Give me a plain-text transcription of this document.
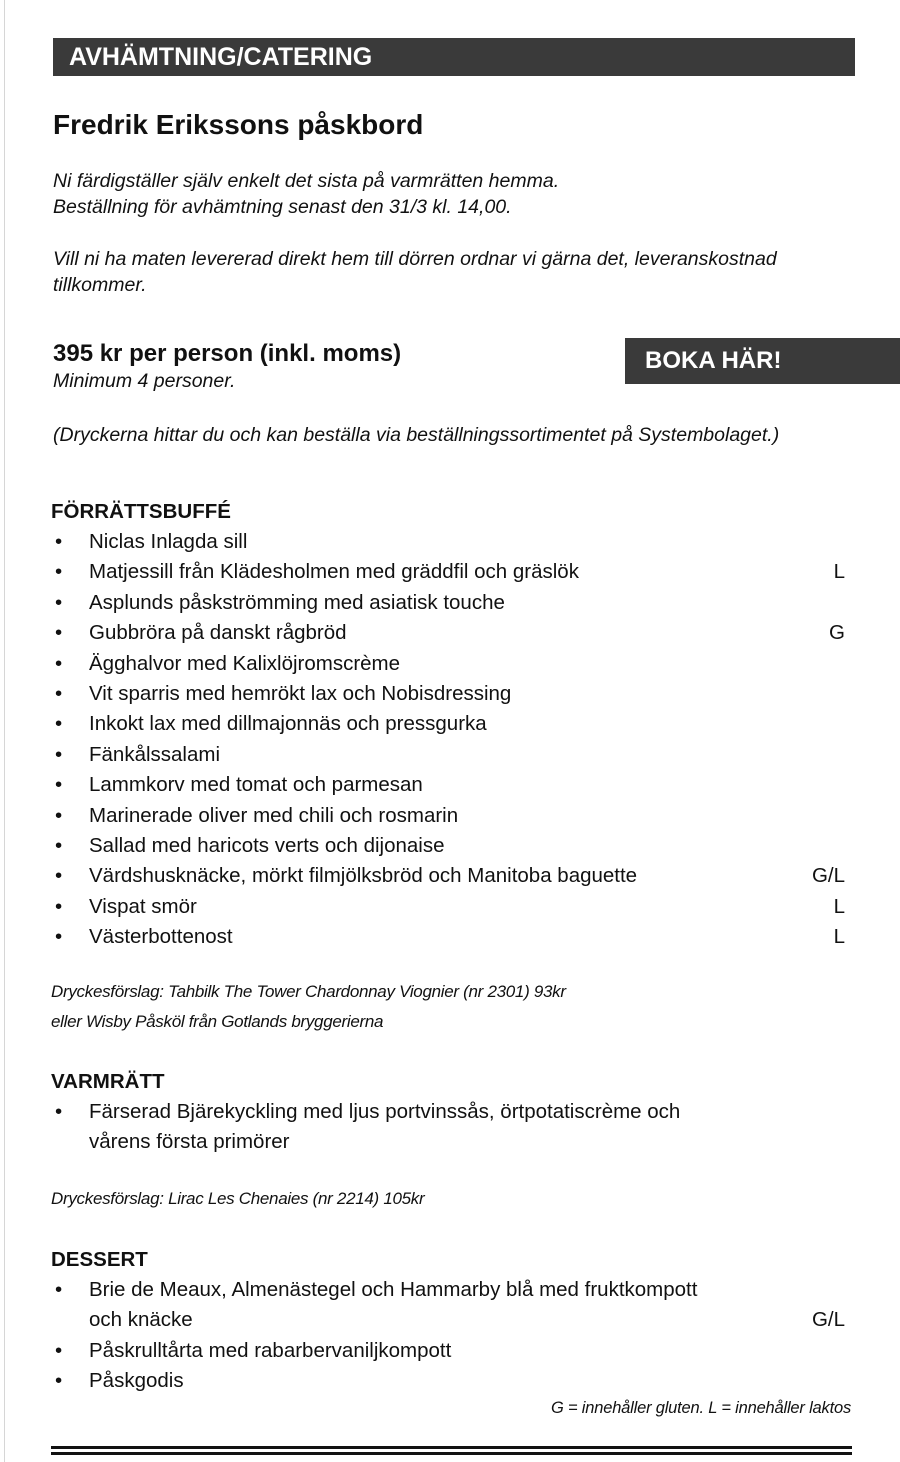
AVHÄMTNING/CATERING
Fredrik Erikssons påskbord

Ni färdigställer själv enkelt det sista på varmrätten hemma.

Beställning för avhämtning senast den 31/3 kl. 14,00.

Vill ni ha maten levererad direkt hem till dörren ordnar vi gärna det, leveranskostnad tillkommer.

395 kr per person (inkl. moms)
Minimum 4 personer.
BOKA HÄR!
(Dryckerna hittar du och kan beställa via beställningssortimentet på Systembolaget.)
FÖRRÄTTSBUFFÉ
• Niclas Inlagda sill
• Matjessill från Klädesholmen med gräddfil och gräslök	L
• Asplunds påskströmming med asiatisk touche
• Gubbröra på danskt rågbröd	G
• Ägghalvor med Kalixlöjromscrème
• Vit sparris med hemrökt lax och Nobisdressing
• Inkokt lax med dillmajonnäs och pressgurka
• Fänkålssalami
• Lammkorv med tomat och parmesan
• Marinerade oliver med chili och rosmarin
• Sallad med haricots verts och dijonaise
• Värdshusknäcke, mörkt filmjölksbröd och Manitoba baguette	G/L
• Vispat smör	L
• Västerbottenost	L
Dryckesförslag: Tahbilk The Tower Chardonnay Viognier (nr 2301) 93kr
eller Wisby Påsköl från Gotlands bryggerierna
VARMRÄTT
• Färserad Bjärekyckling med ljus portvinssås, örtpotatiscrème och
vårens första primörer
Dryckesförslag: Lirac Les Chenaies (nr 2214) 105kr
DESSERT
• Brie de Meaux, Almenästegel och Hammarby blå med fruktkompott
och knäcke	G/L
• Påskrulltårta med rabarbervaniljkompott
• Påskgodis
G = innehåller gluten. L = innehåller laktos
